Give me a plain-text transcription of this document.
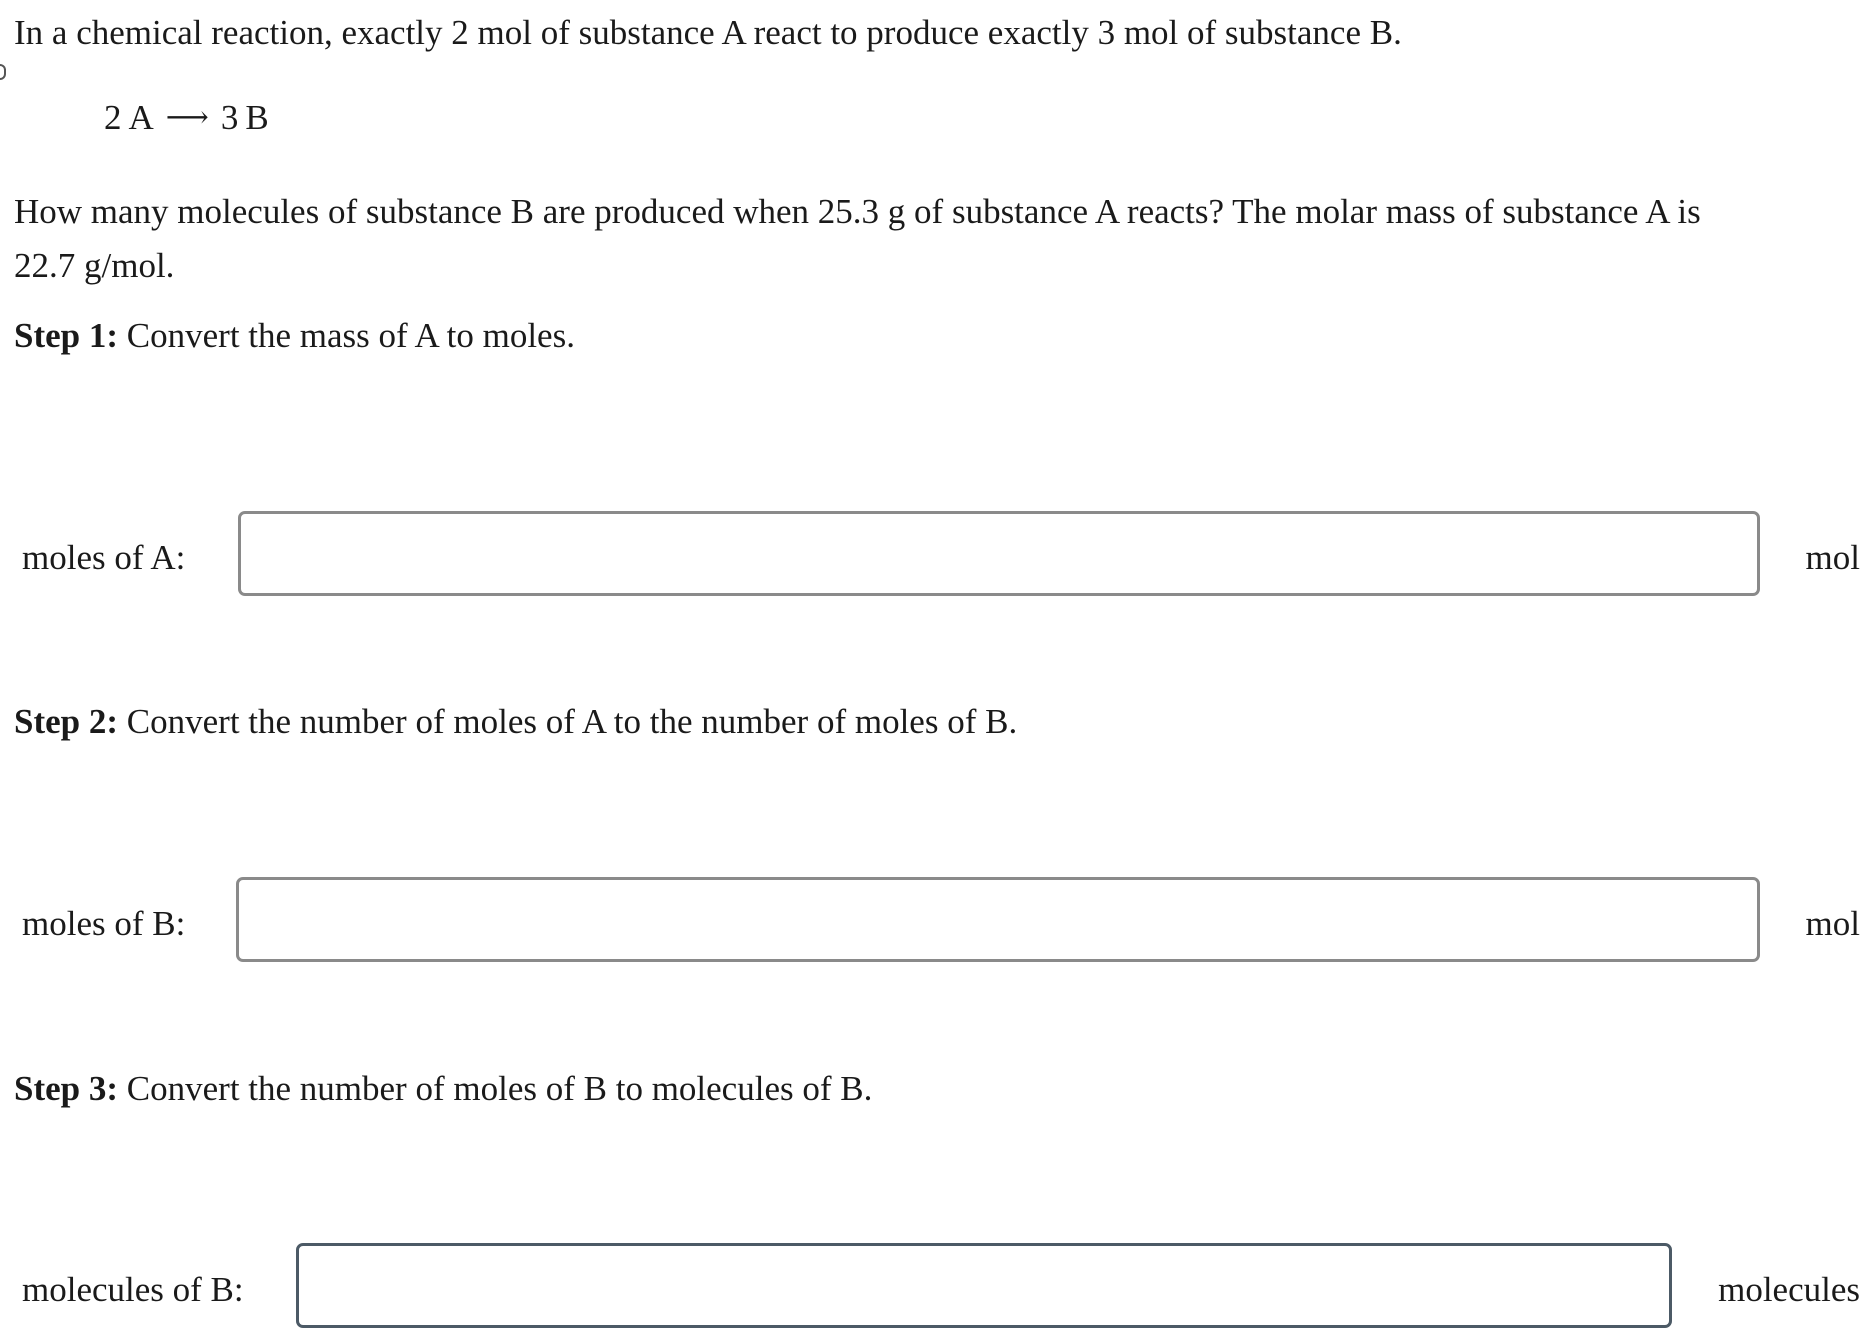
In a chemical reaction, exactly 2 mol of substance A react to produce exactly 3 mol of substance B.
2 A ⟶ 3 B
How many molecules of substance B are produced when 25.3 g of substance A reacts? The molar mass of substance A is
22.7 g/mol.
Step 1: Convert the mass of A to moles.
moles of A:	mol
Step 2: Convert the number of moles of A to the number of moles of B.
moles of B:	mol
Step 3: Convert the number of moles of B to molecules of B.
molecules of B:	molecules
